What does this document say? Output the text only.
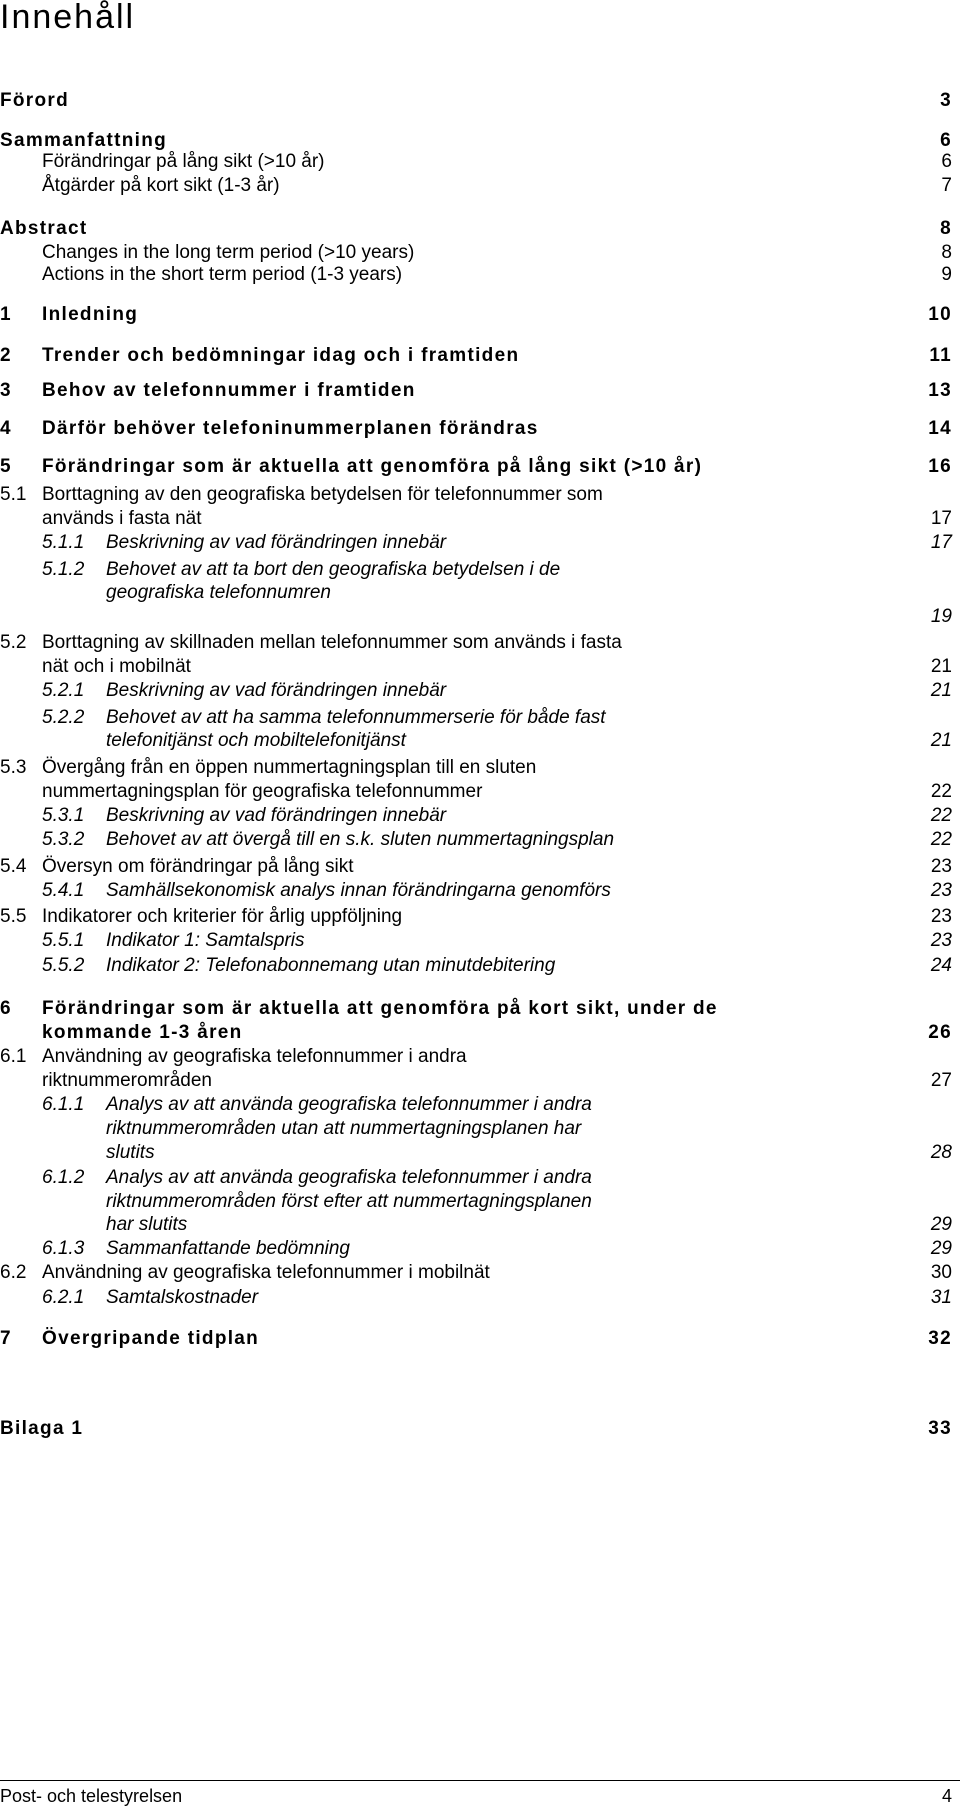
Innehåll
Förord	3
Sammanfattning	6
Förändringar på lång sikt (>10 år)	6
Åtgärder på kort sikt (1-3 år)	7
Abstract	8
Changes in the long term period (>10 years)	8
Actions in the short term period (1-3 years)	9
1 Inledning	10
2 Trender och bedömningar idag och i framtiden	11
3 Behov av telefonnummer i framtiden	13
4 Därför behöver telefoninummerplanen förändras	14
5 Förändringar som är aktuella att genomföra på lång sikt (>10 år)	16
5.1 Borttagning av den geografiska betydelsen för telefonnummer som
används i fasta nät	17
5.1.1 Beskrivning av vad förändringen innebär	17
5.1.2 Behovet av att ta bort den geografiska betydelsen i de
geografiska telefonnumren
19
5.2 Borttagning av skillnaden mellan telefonnummer som används i fasta
nät och i mobilnät	21
5.2.1 Beskrivning av vad förändringen innebär	21
5.2.2 Behovet av att ha samma telefonnummerserie för både fast
telefonitjänst och mobiltelefonitjänst	21
5.3 Övergång från en öppen nummertagningsplan till en sluten
nummertagningsplan för geografiska telefonnummer	22
5.3.1 Beskrivning av vad förändringen innebär	22
5.3.2 Behovet av att övergå till en s.k. sluten nummertagningsplan	22
5.4 Översyn om förändringar på lång sikt	23
5.4.1 Samhällsekonomisk analys innan förändringarna genomförs	23
5.5 Indikatorer och kriterier för årlig uppföljning	23
5.5.1 Indikator 1: Samtalspris	23
5.5.2 Indikator 2: Telefonabonnemang utan minutdebitering	24
6 Förändringar som är aktuella att genomföra på kort sikt, under de
kommande 1-3 åren	26
6.1 Användning av geografiska telefonnummer i andra
riktnummerområden	27
6.1.1 Analys av att använda geografiska telefonnummer i andra
riktnummerområden utan att nummertagningsplanen har
slutits	28
6.1.2 Analys av att använda geografiska telefonnummer i andra
riktnummerområden först efter att nummertagningsplanen
har slutits	29
6.1.3 Sammanfattande bedömning	29
6.2 Användning av geografiska telefonnummer i mobilnät	30
6.2.1 Samtalskostnader	31
7 Övergripande tidplan	32
Bilaga 1	33
Post- och telestyrelsen	4
